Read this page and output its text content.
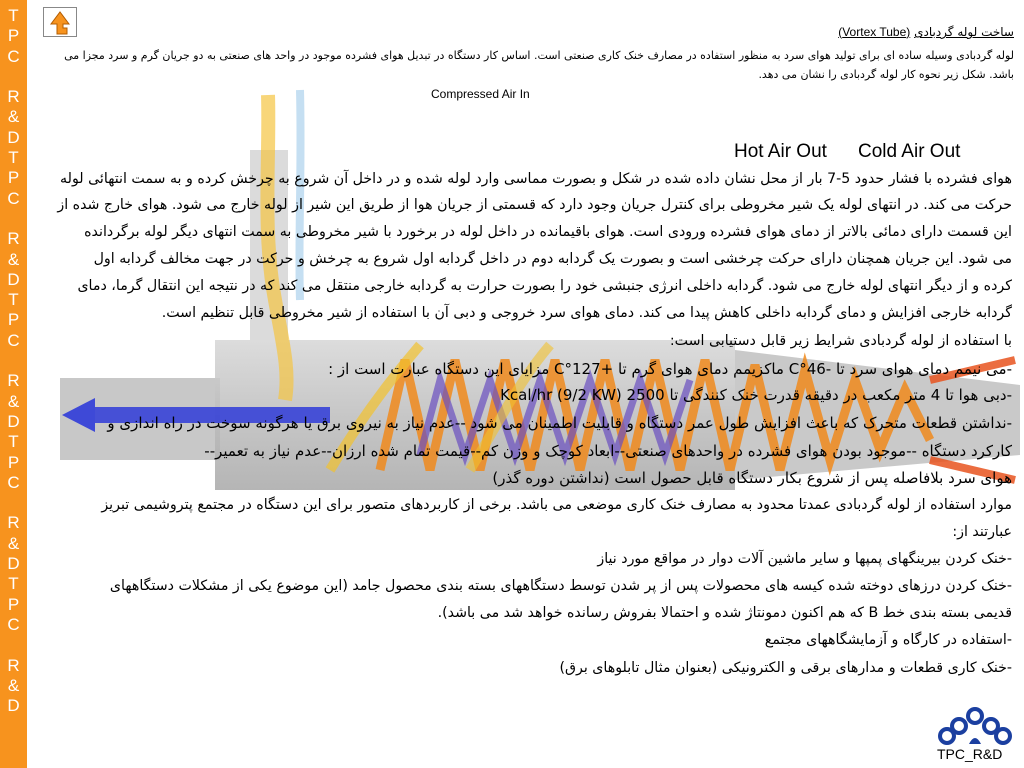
T
P
C

R
&
D
T
P
C

R
&
D
T
P
C

R
&
D
T
P
C

R
&
D
T
P
C

R
&
D
ساخت لوله گردبادی (Vortex Tube)
لوله گردبادی وسیله ساده ای برای تولید هوای سرد به منظور استفاده در مصارف خنک کاری صنعتی است. اساس کار دستگاه در تبدیل هوای فشرده موجود در واحد های صنعتی به دو جریان گرم و سرد مجزا می
باشد. شکل زیر نحوه کار لوله گردبادی را نشان می دهد.
Compressed Air In
Hot Air Out Cold Air Out
هوای فشرده با فشار حدود 5-7 بار از محل نشان داده شده در شکل و بصورت مماسی وارد لوله شده و در داخل آن شروع به چرخش کرده و به سمت انتهائی لوله
حرکت می کند. در انتهای لوله یک شیر مخروطی برای کنترل جریان وجود دارد که قسمتی از جریان هوا از طریق این شیر از لوله خارج می شود. هوای خارج شده از
این قسمت دارای دمائی بالاتر از دمای هوای فشرده ورودی است. هوای باقیمانده در داخل لوله در برخورد با شیر مخروطی به سمت انتهای دیگر لوله برگردانده
می شود. این جریان همچنان دارای حرکت چرخشی است و بصورت یک گردابه دوم در داخل گردابه اول شروع به چرخش و حرکت در جهت مخالف گردابه اول
کرده و از دیگر انتهای لوله خارج می شود. گردابه داخلی انرژی جنبشی خود را بصورت حرارت به گردابه خارجی منتقل می کند که در نتیجه این انتقال گرما، دمای
گردابه خارجی افزایش و دمای گردابه داخلی کاهش پیدا می کند. دمای هوای سرد خروجی و دبی آن با استفاده از شیر مخروطی قابل تنظیم است.
با استفاده از لوله گردبادی شرایط زیر قابل دستیابی است:
-می نیمم دمای هوای سرد تا -46°C ماکزیمم دمای هوای گرم تا +127°C مزایای این دستگاه عبارت است از :
-دبی هوا تا 4 متر مکعب در دقیقه قدرت خنک کنندگی تا 2500 Kcal/hr (9/2 KW)
-نداشتن قطعات متحرک که باعث افزایش طول عمر دستگاه و قابلیت اطمینان می شود --عدم نیاز به نیروی برق یا هرگونه سوخت در راه اندازی و
کارکرد دستگاه --موجود بودن هوای فشرده در واحدهای صنعتی--ابعاد کوچک و وزن کم--قیمت تمام شده ارزان--عدم نیاز به تعمیر--
هوای سرد بلافاصله پس از شروع بکار دستگاه قابل حصول است (نداشتن دوره گذر)
موارد استفاده از لوله گردبادی عمدتا محدود به مصارف خنک کاری موضعی می باشد. برخی از کاربردهای متصور برای این دستگاه در مجتمع پتروشیمی تبریز
عبارتند از:
-خنک کردن بیرینگهای پمپها و سایر ماشین آلات دوار در مواقع مورد نیاز
-خنک کردن درزهای دوخته شده کیسه های محصولات پس از پر شدن توسط دستگاههای بسته بندی محصول جامد (این موضوع یکی از مشکلات دستگاههای
قدیمی بسته بندی خط B که هم اکنون دمونتاژ شده و احتمالا بفروش رسانده خواهد شد می باشد).
-استفاده در کارگاه و آزمایشگاههای مجتمع
-خنک کاری قطعات و مدارهای برقی و الکترونیکی (بعنوان مثال تابلوهای برق)
TPC_R&D
